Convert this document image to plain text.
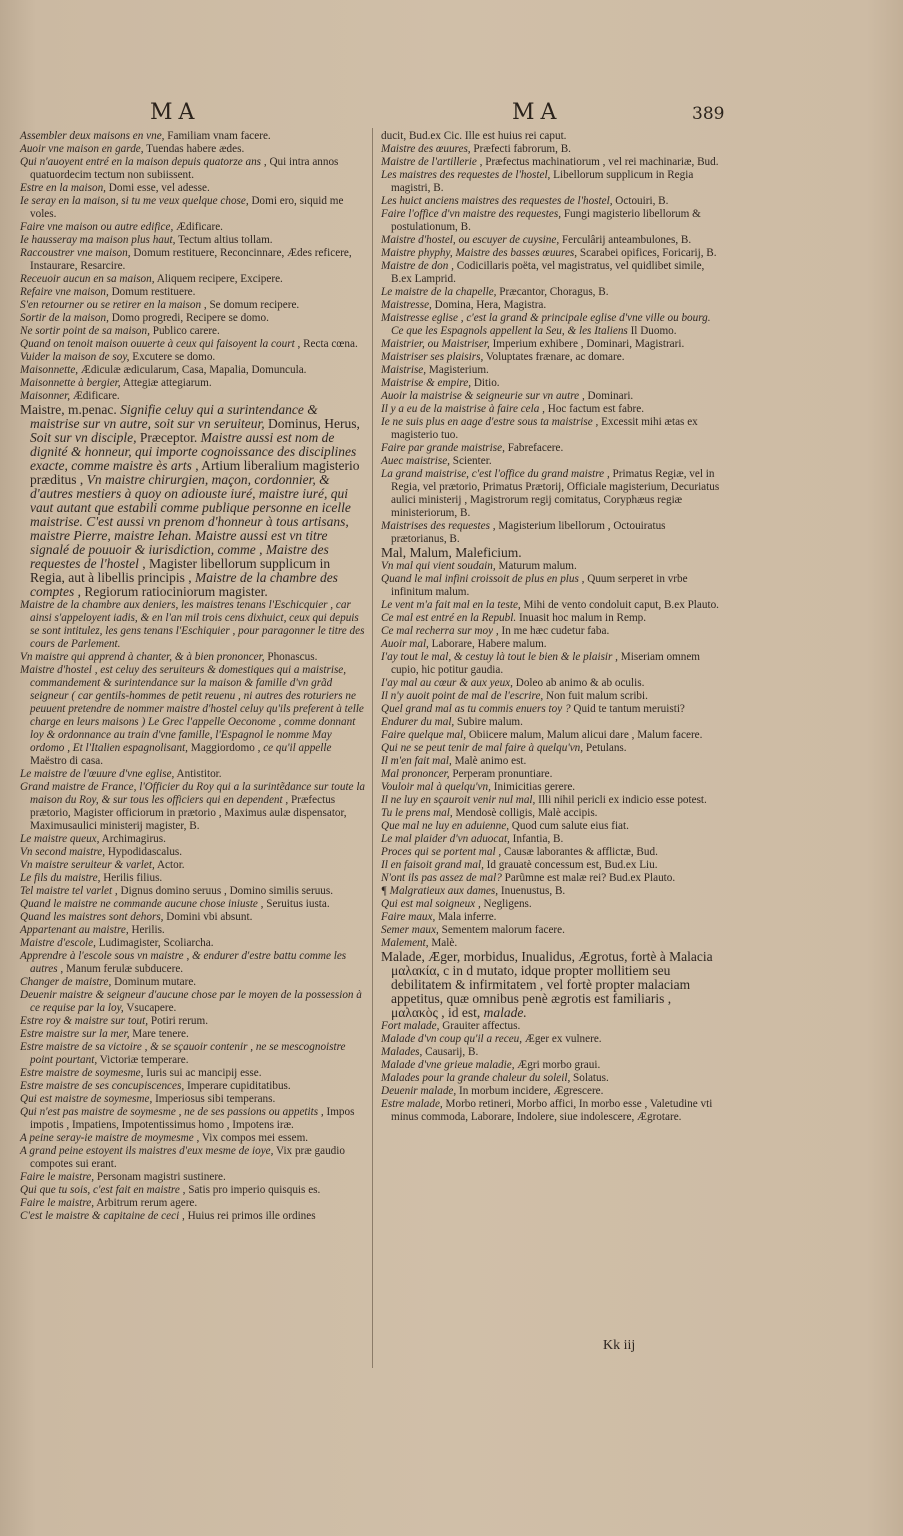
MA	MA	389

Assembler deux maisons en vne, Familiam vnam facere.

Auoir vne maison en garde, Tuendas habere ædes.

Qui n'auoyent entré en la maison depuis quatorze ans , Qui intra annos quatuordecim tectum non subiissent.

Estre en la maison, Domi esse, vel adesse.

Ie seray en la maison, si tu me veux quelque chose, Domi ero, siquid me voles.

Faire vne maison ou autre edifice, Ædificare.

Ie hausseray ma maison plus haut, Tectum altius tollam.

Raccoustrer vne maison, Domum restituere, Reconcinnare, Ædes reficere, Instaurare, Resarcire.

Receuoir aucun en sa maison, Aliquem recipere, Excipere.

Refaire vne maison, Domum restituere.

S'en retourner ou se retirer en la maison , Se domum recipere.

Sortir de la maison, Domo progredi, Recipere se domo.

Ne sortir point de sa maison, Publico carere.

Quand on tenoit maison ouuerte à ceux qui faisoyent la court , Recta cœna.

Vuider la maison de soy, Excutere se domo.

Maisonnette, Ædiculæ ædicularum, Casa, Mapalia, Domuncula.

Maisonnette à bergier, Attegiæ attegiarum.

Maisonner, Ædificare.

Maistre, m.penac. Signifie celuy qui a surintendance & maistrise sur vn autre, soit sur vn seruiteur, Dominus, Herus, Soit sur vn disciple, Præceptor. Maistre aussi est nom de dignité & honneur, qui importe cognoissance des disciplines exacte, comme maistre ès arts , Artium liberalium magisterio præditus , Vn maistre chirurgien, maçon, cordonnier, & d'autres mestiers à quoy on adiouste iuré, maistre iuré, qui vaut autant que estabili comme publique personne en icelle maistrise. C'est aussi vn prenom d'honneur à tous artisans, maistre Pierre, maistre Iehan. Maistre aussi est vn titre signalé de pouuoir & iurisdiction, comme , Maistre des requestes de l'hostel , Magister libellorum supplicum in Regia, aut à libellis principis , Maistre de la chambre des comptes , Regiorum ratiociniorum magister.

Maistre de la chambre aux deniers, les maistres tenans l'Eschicquier , car ainsi s'appeloyent iadis, & en l'an mil trois cens dixhuict, ceux qui depuis se sont intitulez, les gens tenans l'Eschiquier , pour paragonner le titre des cours de Parlement.

Vn maistre qui apprend à chanter, & à bien prononcer, Phonascus.

Maistre d'hostel , est celuy des seruiteurs & domestiques qui a maistrise, commandement & surintendance sur la maison & famille d'vn grãd seigneur ( car gentils-hommes de petit reuenu , ni autres des roturiers ne peuuent pretendre de nommer maistre d'hostel celuy qu'ils preferent à telle charge en leurs maisons ) Le Grec l'appelle Oeconome , comme donnant loy & ordonnance au train d'vne famille, l'Espagnol le nomme May ordomo , Et l'Italien espagnolisant, Maggiordomo , ce qu'il appelle Maëstro di casa.

Le maistre de l'œuure d'vne eglise, Antistitor.

Grand maistre de France, l'Officier du Roy qui a la surintẽdance sur toute la maison du Roy, & sur tous les officiers qui en dependent , Præfectus prætorio, Magister officiorum in prætorio , Maximus aulæ dispensator, Maximusaulici ministerij magister, B.

Le maistre queux, Archimagirus.

Vn second maistre, Hypodidascalus.

Vn maistre seruiteur & varlet, Actor.

Le fils du maistre, Herilis filius.

Tel maistre tel varlet , Dignus domino seruus , Domino similis seruus.

Quand le maistre ne commande aucune chose iniuste , Seruitus iusta.

Quand les maistres sont dehors, Domini vbi absunt.

Appartenant au maistre, Herilis.

Maistre d'escole, Ludimagister, Scoliarcha.

Apprendre à l'escole sous vn maistre , & endurer d'estre battu comme les autres , Manum ferulæ subducere.

Changer de maistre, Dominum mutare.

Deuenir maistre & seigneur d'aucune chose par le moyen de la possession à ce requise par la loy, Vsucapere.

Estre roy & maistre sur tout, Potiri rerum.

Estre maistre sur la mer, Mare tenere.

Estre maistre de sa victoire , & se sçauoir contenir , ne se mescognoistre point pourtant, Victoriæ temperare.

Estre maistre de soymesme, Iuris sui ac mancipij esse.

Estre maistre de ses concupiscences, Imperare cupiditatibus.

Qui est maistre de soymesme, Imperiosus sibi temperans.

Qui n'est pas maistre de soymesme , ne de ses passions ou appetits , Impos impotis , Impatiens, Impotentissimus homo , Impotens iræ.

A peine seray-ie maistre de moymesme , Vix compos mei essem.

A grand peine estoyent ils maistres d'eux mesme de ioye, Vix præ gaudio compotes sui erant.

Faire le maistre, Personam magistri sustinere.

Qui que tu sois, c'est fait en maistre , Satis pro imperio quisquis es.

Faire le maistre, Arbitrum rerum agere.

C'est le maistre & capitaine de ceci , Huius rei primos ille ordines

ducit, Bud.ex Cic. Ille est huius rei caput.

Maistre des œuures, Præfecti fabrorum, B.

Maistre de l'artillerie , Præfectus machinatiorum , vel rei machinariæ, Bud.

Les maistres des requestes de l'hostel, Libellorum supplicum in Regia magistri, B.

Les huict anciens maistres des requestes de l'hostel, Octouiri, B.

Faire l'office d'vn maistre des requestes, Fungi magisterio libellorum & postulationum, B.

Maistre d'hostel, ou escuyer de cuysine, Ferculârij anteambulones, B.

Maistre phyphy, Maistre des basses œuures, Scarabei opifices, Foricarij, B.

Maistre de don , Codicillaris poëta, vel magistratus, vel quidlibet simile, B.ex Lamprid.

Le maistre de la chapelle, Præcantor, Choragus, B.

Maistresse, Domina, Hera, Magistra.

Maistresse eglise , c'est la grand & principale eglise d'vne ville ou bourg. Ce que les Espagnols appellent la Seu, & les Italiens Il Duomo.

Maistrier, ou Maistriser, Imperium exhibere , Dominari, Magistrari.

Maistriser ses plaisirs, Voluptates frænare, ac domare.

Maistrise, Magisterium.

Maistrise & empire, Ditio.

Auoir la maistrise & seigneurie sur vn autre , Dominari.

Il y a eu de la maistrise à faire cela , Hoc factum est fabre.

Ie ne suis plus en aage d'estre sous ta maistrise , Excessit mihi ætas ex magisterio tuo.

Faire par grande maistrise, Fabrefacere.

Auec maistrise, Scienter.

La grand maistrise, c'est l'office du grand maistre , Primatus Regiæ, vel in Regia, vel prætorio, Primatus Prætorij, Officiale magisterium, Decuriatus aulici ministerij , Magistrorum regij comitatus, Coryphæus regiæ ministeriorum, B.

Maistrises des requestes , Magisterium libellorum , Octouiratus prætorianus, B.

Mal, Malum, Maleficium.

Vn mal qui vient soudain, Maturum malum.

Quand le mal infini croissoit de plus en plus , Quum serperet in vrbe infinitum malum.

Le vent m'a fait mal en la teste, Mihi de vento condoluit caput, B.ex Plauto.

Ce mal est entré en la Republ. Inuasit hoc malum in Remp.

Ce mal recherra sur moy , In me hæc cudetur faba.

Auoir mal, Laborare, Habere malum.

I'ay tout le mal, & cestuy là tout le bien & le plaisir , Miseriam omnem cupio, hic potitur gaudia.

I'ay mal au cœur & aux yeux, Doleo ab animo & ab oculis.

Il n'y auoit point de mal de l'escrire, Non fuit malum scribi.

Quel grand mal as tu commis enuers toy ? Quid te tantum meruisti?

Endurer du mal, Subire malum.

Faire quelque mal, Obiicere malum, Malum alicui dare , Malum facere.

Qui ne se peut tenir de mal faire à quelqu'vn, Petulans.

Il m'en fait mal, Malè animo est.

Mal prononcer, Perperam pronuntiare.

Vouloir mal à quelqu'vn, Inimicitias gerere.

Il ne luy en sçauroit venir nul mal, Illi nihil pericli ex indicio esse potest.

Tu le prens mal, Mendosè colligis, Malè accipis.

Que mal ne luy en aduienne, Quod cum salute eius fiat.

Le mal plaider d'vn aduocat, Infantia, B.

Proces qui se portent mal , Causæ laborantes & afflictæ, Bud.

Il en faisoit grand mal, Id grauatè concessum est, Bud.ex Liu.

N'ont ils pas assez de mal? Parũmne est malæ rei? Bud.ex Plauto.

¶ Malgratieux aux dames, Inuenustus, B.

Qui est mal soigneux , Negligens.

Faire maux, Mala inferre.

Semer maux, Sementem malorum facere.

Malement, Malè.

Malade, Æger, morbidus, Inualidus, Ægrotus, fortè à Malacia μαλακία, c in d mutato, idque propter mollitiem seu debilitatem & infirmitatem , vel fortè propter malaciam appetitus, quæ omnibus penè ægrotis est familiaris , μαλακὸς , id est, malade.

Fort malade, Grauiter affectus.

Malade d'vn coup qu'il a receu, Æger ex vulnere.

Malades, Causarij, B.

Malade d'vne grieue maladie, Ægri morbo graui.

Malades pour la grande chaleur du soleil, Solatus.

Deuenir malade, In morbum incidere, Ægrescere.

Estre malade, Morbo retineri, Morbo affici, In morbo esse , Valetudine vti minus commoda, Laborare, Indolere, siue indolescere, Ægrotare.

Kk iij
